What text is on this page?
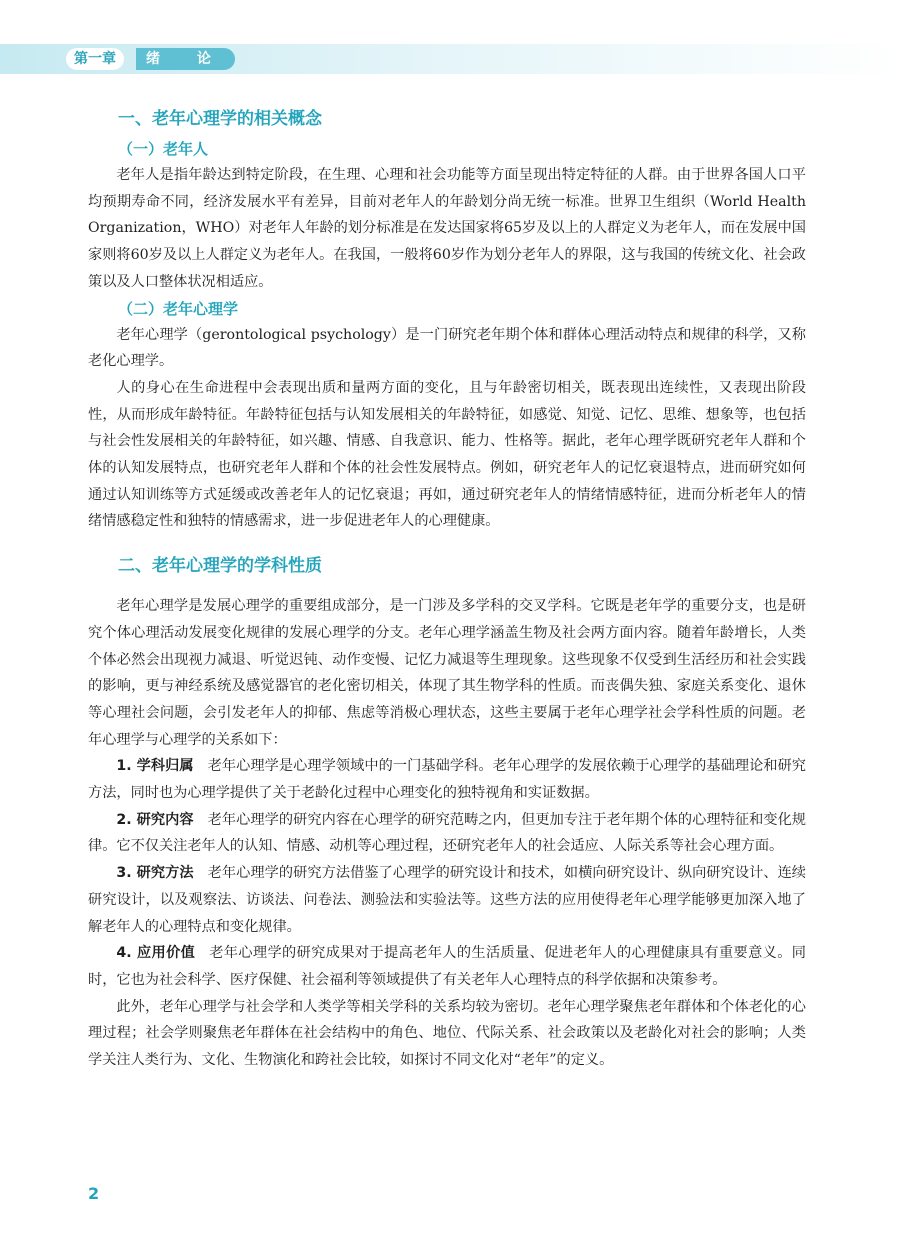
第一章	绪 论
一、老年心理学的相关概念
（一）老年人

老年人是指年龄达到特定阶段，在生理、心理和社会功能等方面呈现出特定特征的人群。由于世界各国人口平均预期寿命不同，经济发展水平有差异，目前对老年人的年龄划分尚无统一标准。世界卫生组织（World Health Organization，WHO）对老年人年龄的划分标准是在发达国家将65岁及以上的人群定义为老年人，而在发展中国家则将60岁及以上人群定义为老年人。在我国，一般将60岁作为划分老年人的界限，这与我国的传统文化、社会政策以及人口整体状况相适应。

（二）老年心理学

老年心理学（gerontological psychology）是一门研究老年期个体和群体心理活动特点和规律的科学，又称老化心理学。

人的身心在生命进程中会表现出质和量两方面的变化，且与年龄密切相关，既表现出连续性，又表现出阶段性，从而形成年龄特征。年龄特征包括与认知发展相关的年龄特征，如感觉、知觉、记忆、思维、想象等，也包括与社会性发展相关的年龄特征，如兴趣、情感、自我意识、能力、性格等。据此，老年心理学既研究老年人群和个体的认知发展特点，也研究老年人群和个体的社会性发展特点。例如，研究老年人的记忆衰退特点，进而研究如何通过认知训练等方式延缓或改善老年人的记忆衰退；再如，通过研究老年人的情绪情感特征，进而分析老年人的情绪情感稳定性和独特的情感需求，进一步促进老年人的心理健康。

二、老年心理学的学科性质

老年心理学是发展心理学的重要组成部分，是一门涉及多学科的交叉学科。它既是老年学的重要分支，也是研究个体心理活动发展变化规律的发展心理学的分支。老年心理学涵盖生物及社会两方面内容。随着年龄增长，人类个体必然会出现视力减退、听觉迟钝、动作变慢、记忆力减退等生理现象。这些现象不仅受到生活经历和社会实践的影响，更与神经系统及感觉器官的老化密切相关，体现了其生物学科的性质。而丧偶失独、家庭关系变化、退休等心理社会问题，会引发老年人的抑郁、焦虑等消极心理状态，这些主要属于老年心理学社会学科性质的问题。老年心理学与心理学的关系如下：

1. 学科归属 老年心理学是心理学领域中的一门基础学科。老年心理学的发展依赖于心理学的基础理论和研究方法，同时也为心理学提供了关于老龄化过程中心理变化的独特视角和实证数据。

2. 研究内容 老年心理学的研究内容在心理学的研究范畴之内，但更加专注于老年期个体的心理特征和变化规律。它不仅关注老年人的认知、情感、动机等心理过程，还研究老年人的社会适应、人际关系等社会心理方面。

3. 研究方法 老年心理学的研究方法借鉴了心理学的研究设计和技术，如横向研究设计、纵向研究设计、连续研究设计，以及观察法、访谈法、问卷法、测验法和实验法等。这些方法的应用使得老年心理学能够更加深入地了解老年人的心理特点和变化规律。

4. 应用价值 老年心理学的研究成果对于提高老年人的生活质量、促进老年人的心理健康具有重要意义。同时，它也为社会科学、医疗保健、社会福利等领域提供了有关老年人心理特点的科学依据和决策参考。

此外，老年心理学与社会学和人类学等相关学科的关系均较为密切。老年心理学聚焦老年群体和个体老化的心理过程；社会学则聚焦老年群体在社会结构中的角色、地位、代际关系、社会政策以及老龄化对社会的影响；人类学关注人类行为、文化、生物演化和跨社会比较，如探讨不同文化对“老年”的定义。

2
